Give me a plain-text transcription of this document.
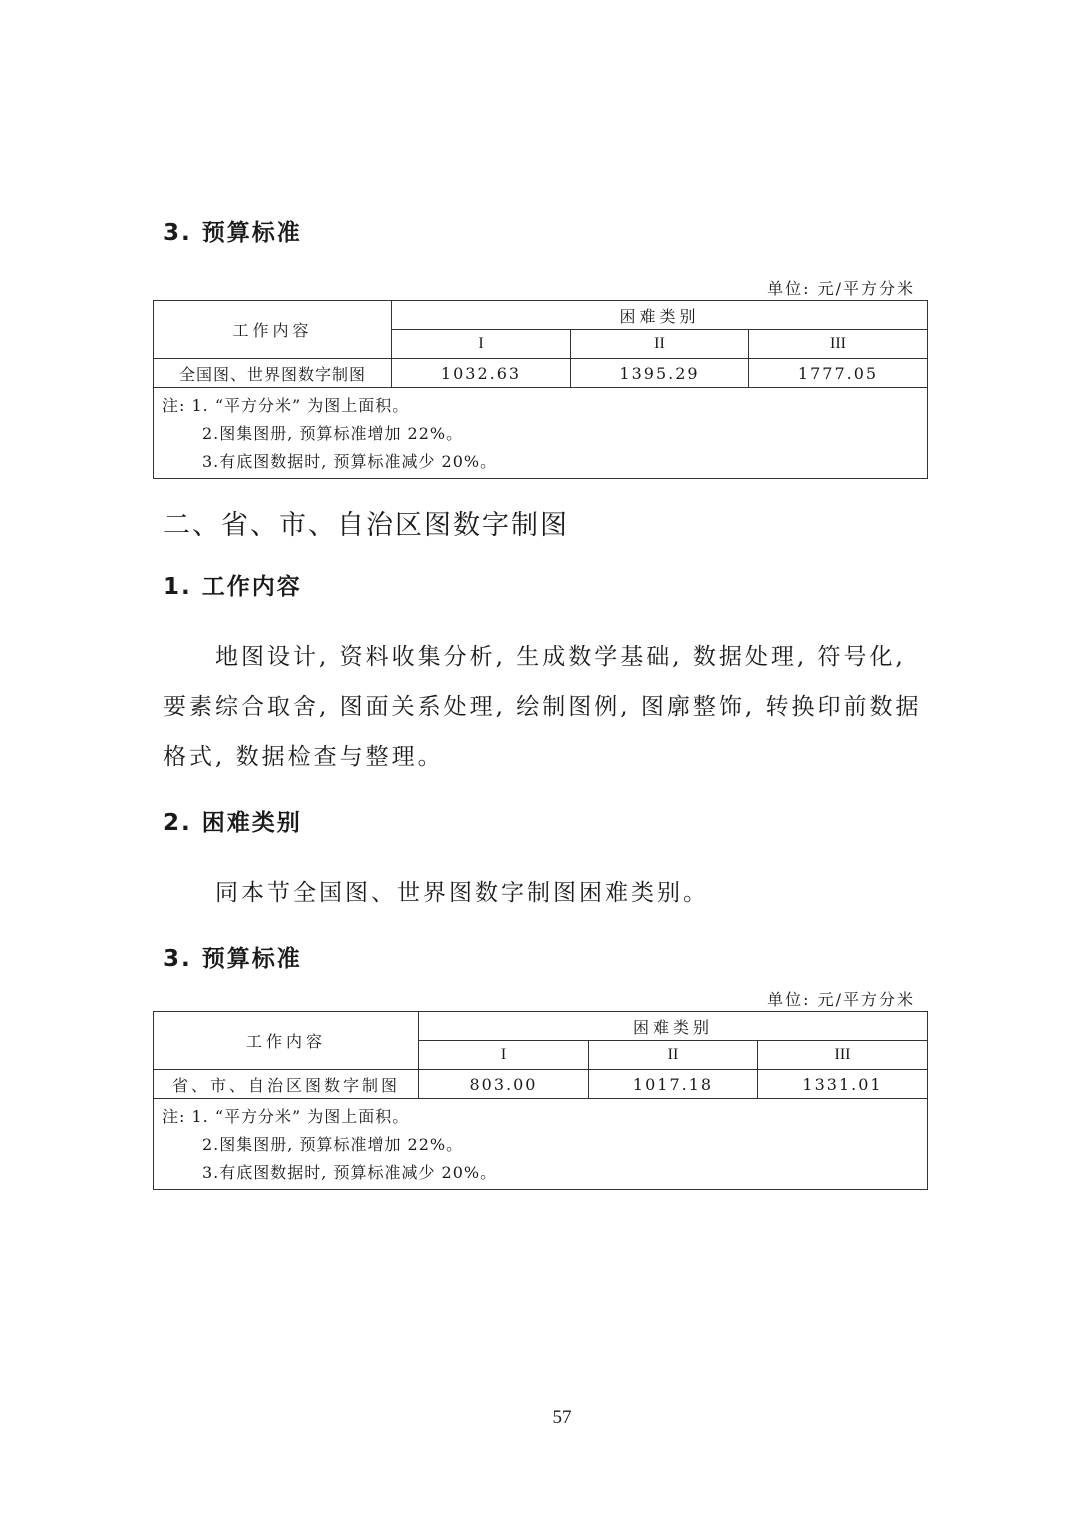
3. 预算标准
单位: 元/平方分米
工作内容	困难类别		
	I	II	III
全国图、世界图数字制图	1032.63	1395.29	1777.05

注: 1. “平方分米” 为图上面积。
2.图集图册, 预算标准增加 22%。
3.有底图数据时, 预算标准减少 20%。			
二、省、市、自治区图数字制图
1. 工作内容
地图设计, 资料收集分析, 生成数学基础, 数据处理, 符号化, 要素综合取舍, 图面关系处理, 绘制图例, 图廓整饰, 转换印前数据格式, 数据检查与整理。
2. 困难类别
同本节全国图、世界图数字制图困难类别。
3. 预算标准
单位: 元/平方分米
工作内容	困难类别		
	I	II	III
省、市、自治区图数字制图	803.00	1017.18	1331.01

注: 1. “平方分米” 为图上面积。
2.图集图册, 预算标准增加 22%。
3.有底图数据时, 预算标准减少 20%。			
57
